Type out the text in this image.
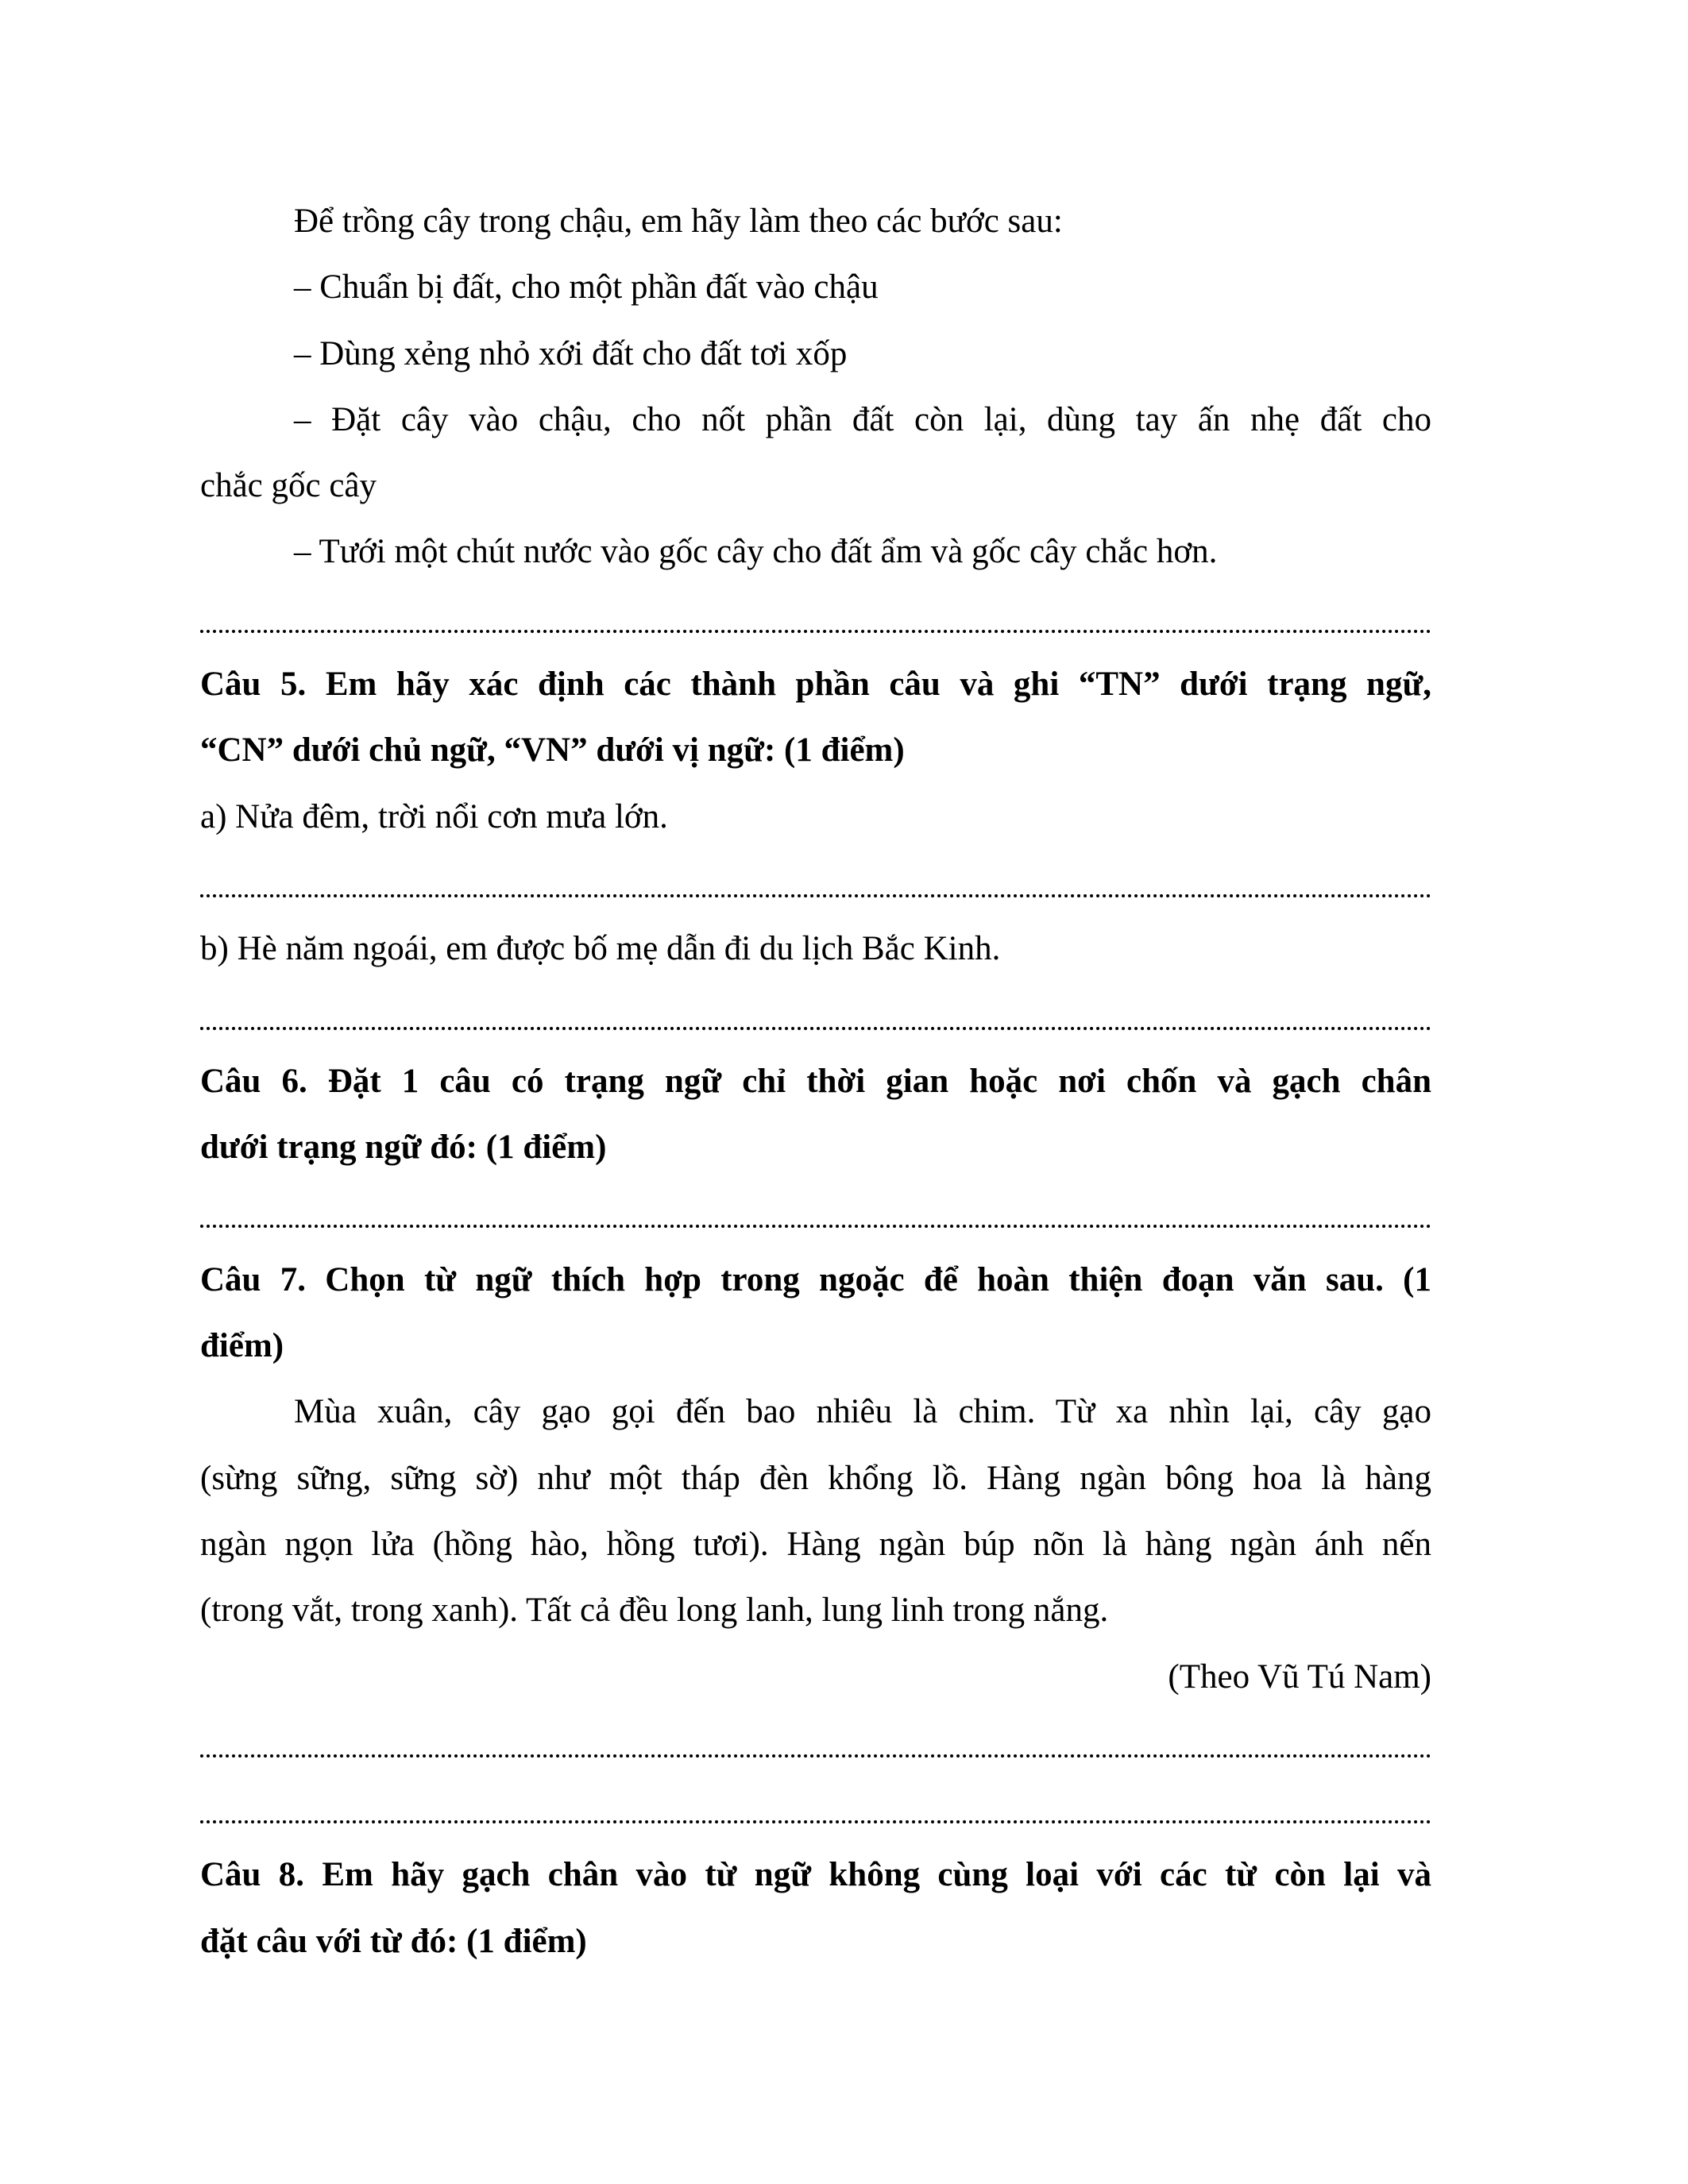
Để trồng cây trong chậu, em hãy làm theo các bước sau:
– Chuẩn bị đất, cho một phần đất vào chậu
– Dùng xẻng nhỏ xới đất cho đất tơi xốp
– Đặt cây vào chậu, cho nốt phần đất còn lại, dùng tay ấn nhẹ đất cho
chắc gốc cây
– Tưới một chút nước vào gốc cây cho đất ẩm và gốc cây chắc hơn.
Câu 5. Em hãy xác định các thành phần câu và ghi “TN” dưới trạng ngữ,
“CN” dưới chủ ngữ, “VN” dưới vị ngữ: (1 điểm)
a) Nửa đêm, trời nổi cơn mưa lớn.
b) Hè năm ngoái, em được bố mẹ dẫn đi du lịch Bắc Kinh.
Câu 6. Đặt 1 câu có trạng ngữ chỉ thời gian hoặc nơi chốn và gạch chân
dưới trạng ngữ đó: (1 điểm)
Câu 7. Chọn từ ngữ thích hợp trong ngoặc để hoàn thiện đoạn văn sau. (1
điểm)
Mùa xuân, cây gạo gọi đến bao nhiêu là chim. Từ xa nhìn lại, cây gạo
(sừng sững, sững sờ) như một tháp đèn khổng lồ. Hàng ngàn bông hoa là hàng
ngàn ngọn lửa (hồng hào, hồng tươi). Hàng ngàn búp nõn là hàng ngàn ánh nến
(trong vắt, trong xanh). Tất cả đều long lanh, lung linh trong nắng.
(Theo Vũ Tú Nam)
Câu 8. Em hãy gạch chân vào từ ngữ không cùng loại với các từ còn lại và
đặt câu với từ đó: (1 điểm)
